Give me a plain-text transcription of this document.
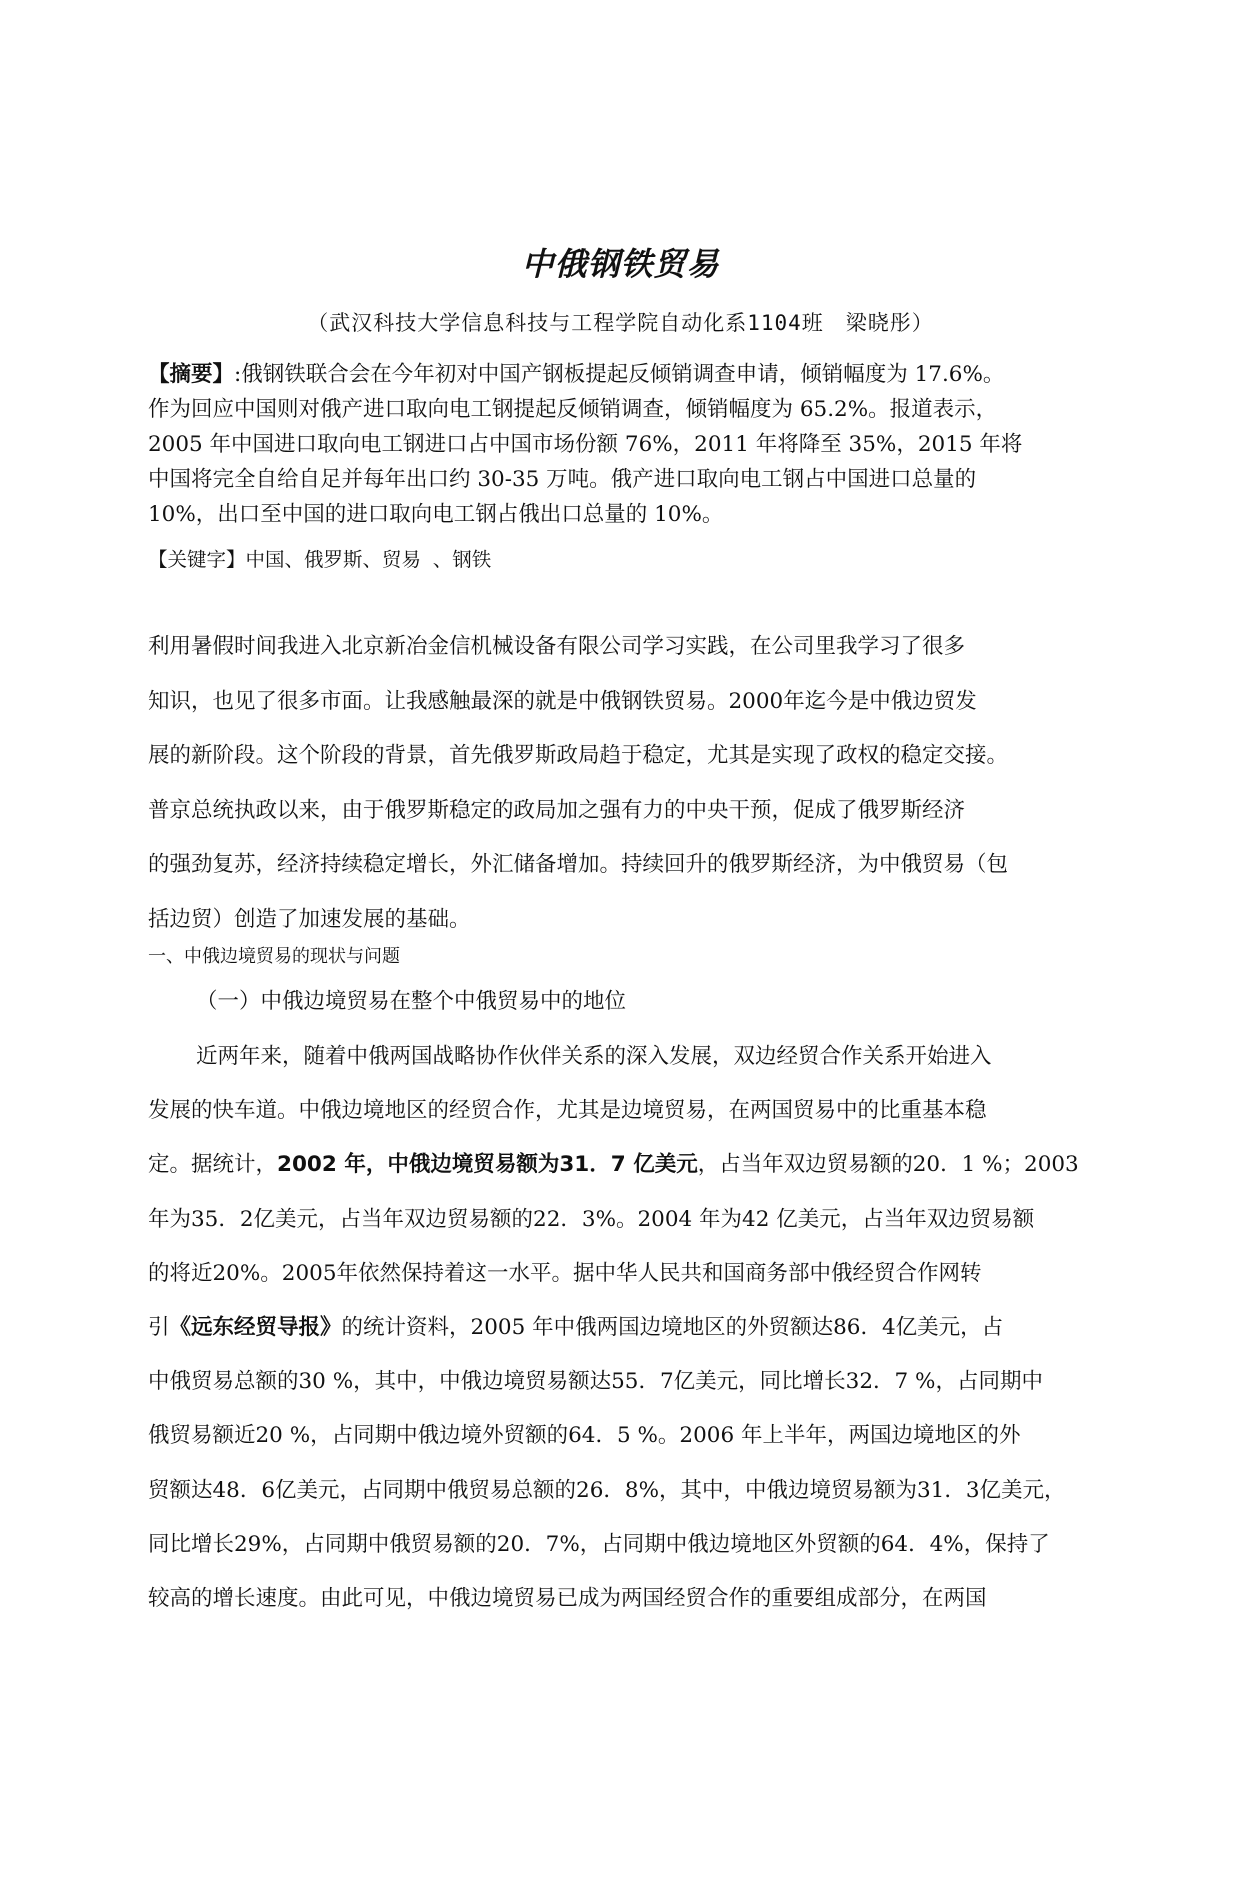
中俄钢铁贸易
（武汉科技大学信息科技与工程学院自动化系1104班　梁晓彤）
【摘要】:俄钢铁联合会在今年初对中国产钢板提起反倾销调查申请，倾销幅度为 17.6%。
作为回应中国则对俄产进口取向电工钢提起反倾销调查，倾销幅度为 65.2%。报道表示，
2005 年中国进口取向电工钢进口占中国市场份额 76%，2011 年将降至 35%，2015 年将
中国将完全自给自足并每年出口约 30-35 万吨。俄产进口取向电工钢占中国进口总量的
10%，出口至中国的进口取向电工钢占俄出口总量的 10%。
【关键字】中国、俄罗斯、贸易 、钢铁
利用暑假时间我进入北京新冶金信机械设备有限公司学习实践，在公司里我学习了很多
知识，也见了很多市面。让我感触最深的就是中俄钢铁贸易。2000年迄今是中俄边贸发
展的新阶段。这个阶段的背景，首先俄罗斯政局趋于稳定，尤其是实现了政权的稳定交接。
普京总统执政以来，由于俄罗斯稳定的政局加之强有力的中央干预，促成了俄罗斯经济
的强劲复苏，经济持续稳定增长，外汇储备增加。持续回升的俄罗斯经济，为中俄贸易（包
括边贸）创造了加速发展的基础。
一、中俄边境贸易的现状与问题
（一）中俄边境贸易在整个中俄贸易中的地位
近两年来，随着中俄两国战略协作伙伴关系的深入发展，双边经贸合作关系开始进入
发展的快车道。中俄边境地区的经贸合作，尤其是边境贸易，在两国贸易中的比重基本稳
定。据统计，2002 年，中俄边境贸易额为31．7 亿美元，占当年双边贸易额的20．1 %；2003
年为35．2亿美元，占当年双边贸易额的22．3%。2004 年为42 亿美元，占当年双边贸易额
的将近20%。2005年依然保持着这一水平。据中华人民共和国商务部中俄经贸合作网转
引《远东经贸导报》的统计资料，2005 年中俄两国边境地区的外贸额达86．4亿美元，占
中俄贸易总额的30 %，其中，中俄边境贸易额达55．7亿美元，同比增长32．7 %，占同期中
俄贸易额近20 %，占同期中俄边境外贸额的64．5 %。2006 年上半年，两国边境地区的外
贸额达48．6亿美元，占同期中俄贸易总额的26．8%，其中，中俄边境贸易额为31．3亿美元，
同比增长29%，占同期中俄贸易额的20．7%，占同期中俄边境地区外贸额的64．4%，保持了
较高的增长速度。由此可见，中俄边境贸易已成为两国经贸合作的重要组成部分，在两国
